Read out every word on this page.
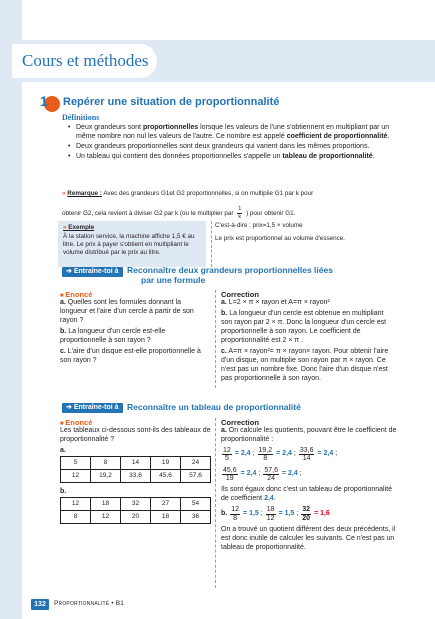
Cours et méthodes
1 Repérer une situation de proportionnalité
Définitions
• Deux grandeurs sont proportionnelles lorsque les valeurs de l'une s'obtiennent en multipliant par un même nombre non nul les valeurs de l'autre. Ce nombre est appelé coefficient de proportionnalité.
• Deux grandeurs proportionnelles sont deux grandeurs qui varient dans les mêmes proportions.
• Un tableau qui contient des données proportionnelles s'appelle un tableau de proportionnalité.
» Remarque : Avec des grandeurs G1et G2 proportionnelles, si on multiplie G1 par k pour
obtenir G2, cela revient à diviser G2 par k (ou le multiplier par $\frac{1}{k}$ ) pour obtenir G1.
» Exemple
À la station service, la machine affiche 1,5 € au litre. Le prix à payer s'obtient en multipliant le volume distribué par le prix au litre.
C'est-à-dire : prix=1,5 × volume
Le prix est proportionnel au volume d'essence.
➔ Entraîne-toi à Reconnaître deux grandeurs proportionnelles liées
par une formule
■ Enoncé

a. Quelles sont les formules donnant la longueur et l'aire d'un cercle à partir de son rayon ?

b. La longueur d'un cercle est-elle proportionnelle à son rayon ?

c. L'aire d'un disque est-elle proportionnelle à son rayon ?

Correction

a. L=2 × π × rayon et A=π × rayon²

b. La longueur d'un cercle est obtenue en multipliant son rayon par 2 × π. Donc la longueur d'un cercle est proportionnelle à son rayon. Le coefficient de proportionnalité est 2 × π .

c. A=π × rayon²= π × rayon× rayon. Pour obtenir l'aire d'un disque, on multiplie son rayon par π × rayon. Ce n'est pas un nombre fixe. Donc l'aire d'un disque n'est pas proportionnelle à son rayon.

➔ Entraîne-toi à Reconnaître un tableau de proportionnalité
■ Enoncé

Les tableaux ci-dessous sont-ils des tableaux de proportionnalité ?

a.
5	8	14	19	24
12	19,2	33,6	45,6	57,6
b.
12	18	32	27	54
8	12	20	18	36
Correction

a. On calcule les quotients, pouvant être le coefficient de proportionnalité :

$\frac{12}{5} = 2,4$ ; $\frac{19,2}{8} = 2,4$ ; $\frac{33,6}{14} = 2,4$ ;
$\frac{45,6}{19} = 2,4$ ; $\frac{57,6}{24} = 2,4$ ;

Ils sont égaux donc c'est un tableau de proportionnalité de coefficient 2,4.

b. $\frac{12}{8} = 1,5$ ; $\frac{18}{12} = 1,5$ ; $\frac{32}{20} = 1,6$

On a trouvé un quotient différent des deux précédents, il est donc inutile de calculer les suivants. Ce n'est pas un tableau de proportionnalité.

132	Proportionnalité • B1
